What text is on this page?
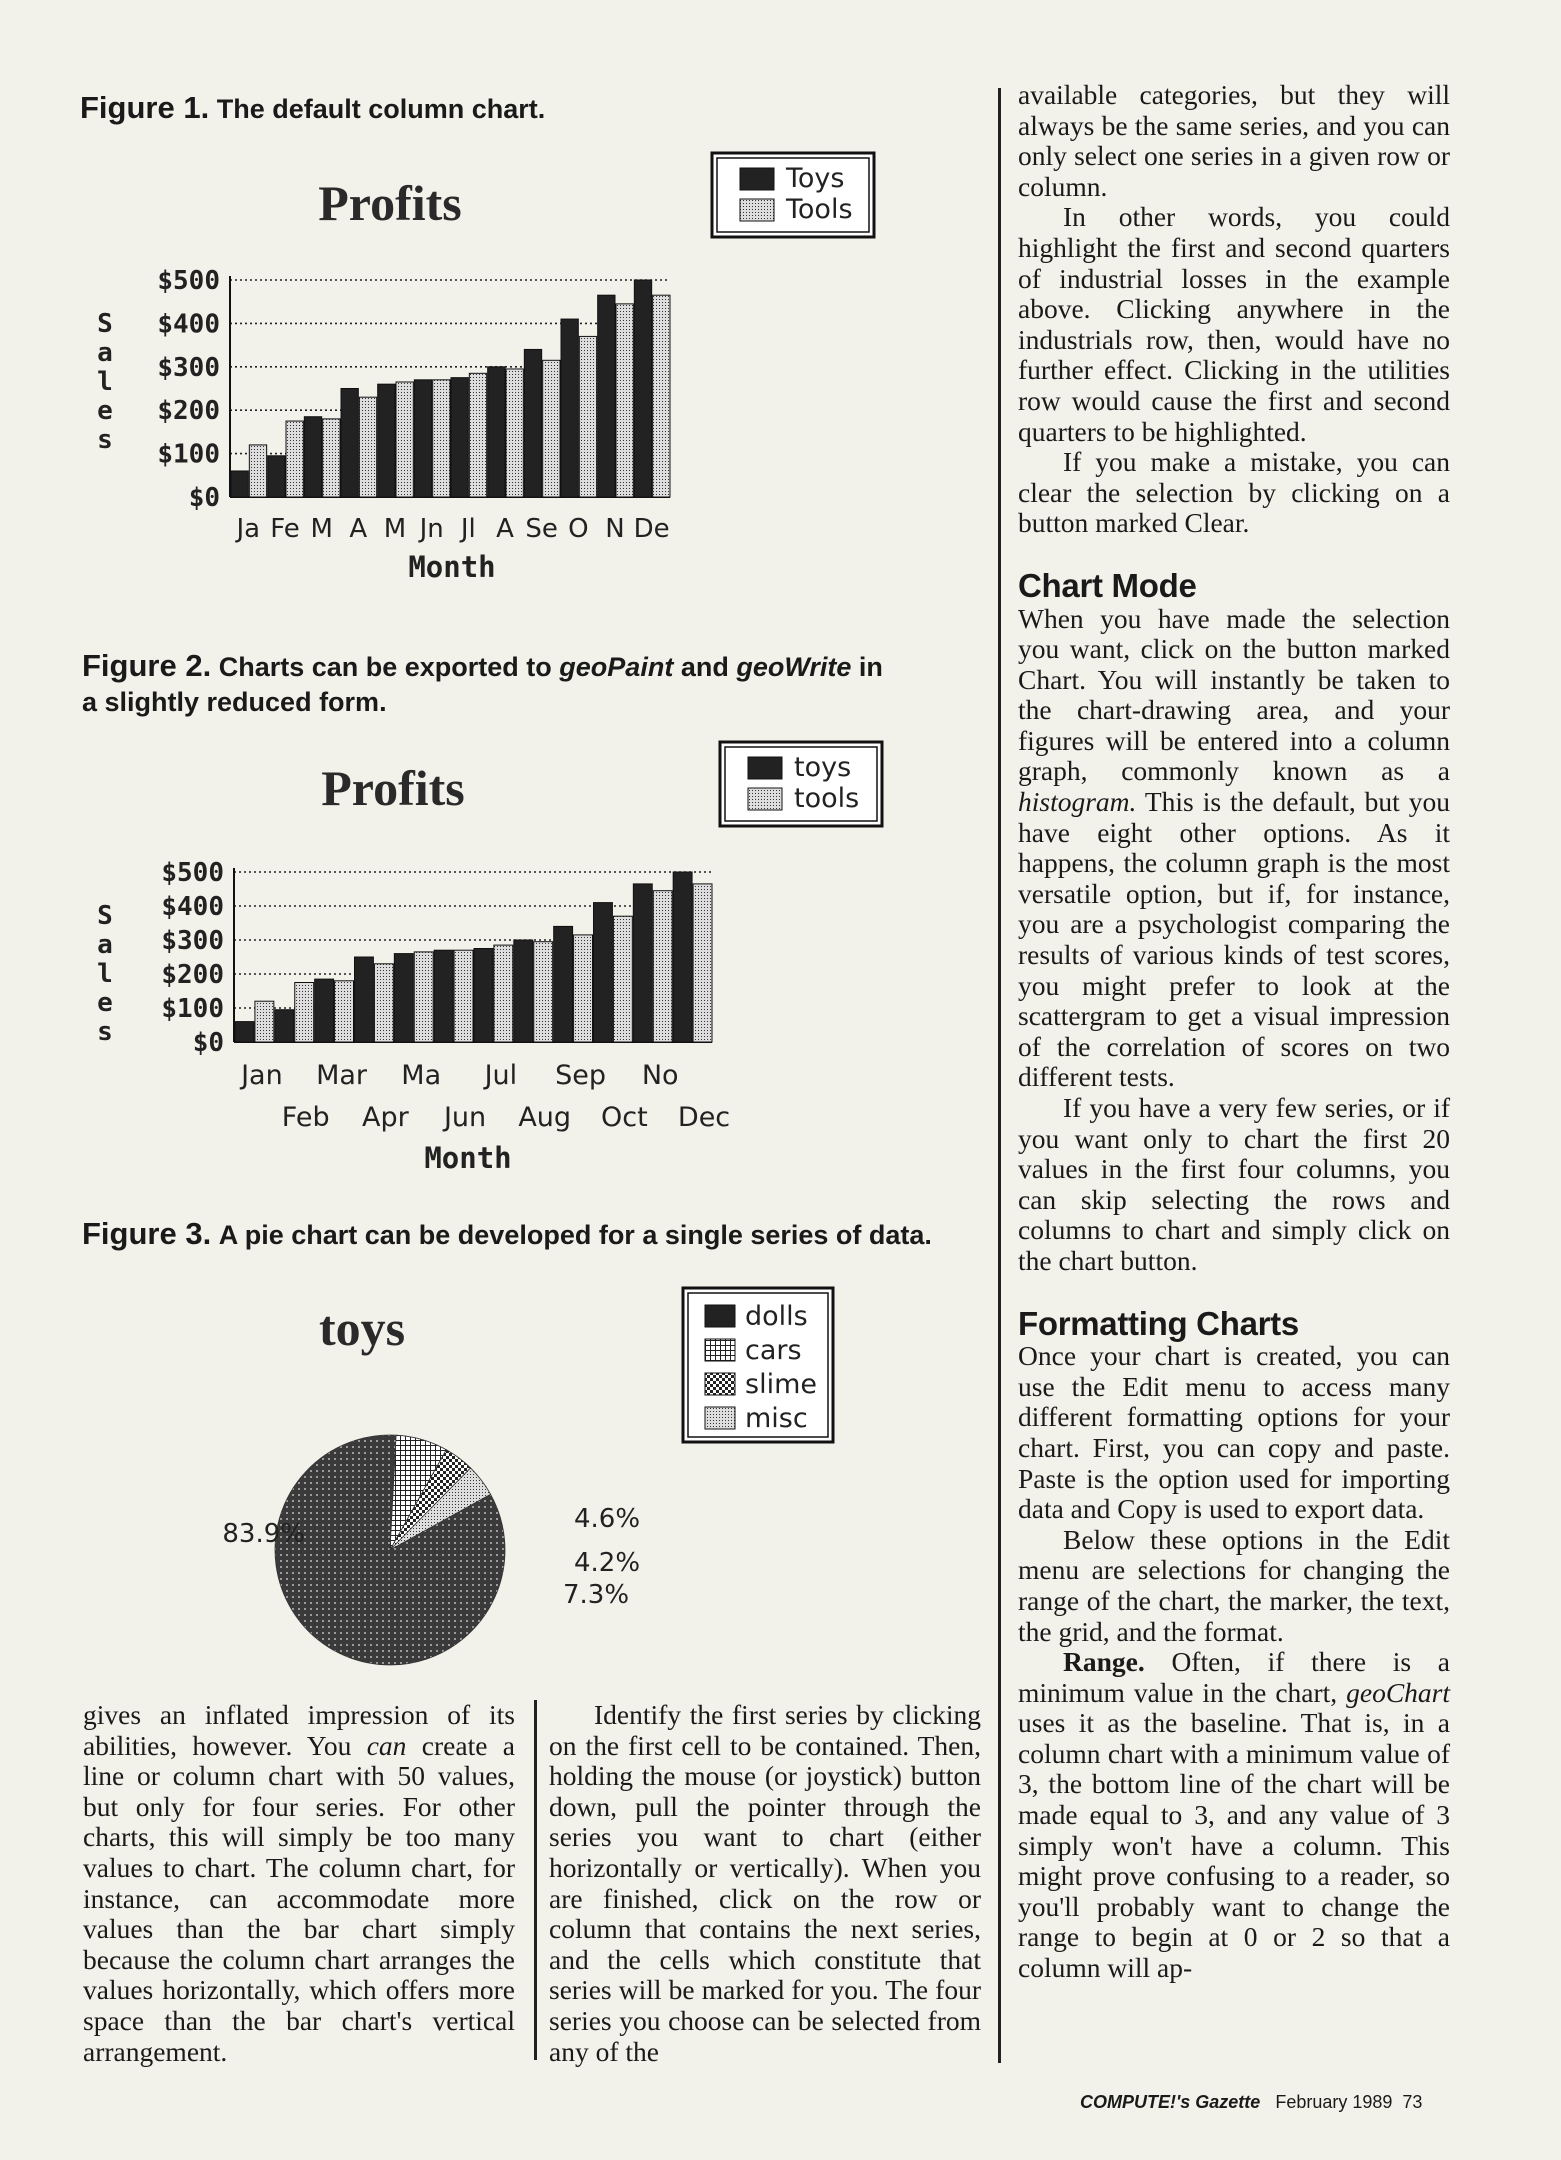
Figure 1. The default column chart.
Profits	Toys
Tools
S
a
l
e
s
$500
$400
$300
$200
$100
$0
Ja Fe M A M Jn Jl A Se O N De
Month
Figure 2. Charts can be exported to geoPaint and geoWrite in a slightly reduced form.
Profits	toys
tools
S
a
l
e
s
$500
$400
$300
$200
$100
$0
Jan Mar Ma Jul Sep No
Feb Apr Jun Aug Oct Dec
Month
Figure 3. A pie chart can be developed for a single series of data.
toys	dolls
cars
slime
misc
83.9%	4.6%
4.2%
7.3%

gives an inflated impression of its abilities, however. You can create a line or column chart with 50 values, but only for four series. For other charts, this will simply be too many values to chart. The column chart, for instance, can accommodate more values than the bar chart simply because the column chart arranges the values horizontally, which offers more space than the bar chart's vertical arrangement.

Identify the first series by clicking on the first cell to be contained. Then, holding the mouse (or joystick) button down, pull the pointer through the series you want to chart (either horizontally or vertically). When you are finished, click on the row or column that contains the next series, and the cells which constitute that series will be marked for you. The four series you choose can be selected from any of the

available categories, but they will always be the same series, and you can only select one series in a given row or column.

In other words, you could highlight the first and second quarters of industrial losses in the example above. Clicking anywhere in the industrials row, then, would have no further effect. Clicking in the utilities row would cause the first and second quarters to be highlighted.

If you make a mistake, you can clear the selection by clicking on a button marked Clear.

Chart Mode

When you have made the selection you want, click on the button marked Chart. You will instantly be taken to the chart-drawing area, and your figures will be entered into a column graph, commonly known as a histogram. This is the default, but you have eight other options. As it happens, the column graph is the most versatile option, but if, for instance, you are a psychologist comparing the results of various kinds of test scores, you might prefer to look at the scattergram to get a visual impression of the correlation of scores on two different tests.

If you have a very few series, or if you want only to chart the first 20 values in the first four columns, you can skip selecting the rows and columns to chart and simply click on the chart button.

Formatting Charts

Once your chart is created, you can use the Edit menu to access many different formatting options for your chart. First, you can copy and paste. Paste is the option used for importing data and Copy is used to export data.

Below these options in the Edit menu are selections for changing the range of the chart, the marker, the text, the grid, and the format.

Range. Often, if there is a minimum value in the chart, geoChart uses it as the baseline. That is, in a column chart with a minimum value of 3, the bottom line of the chart will be made equal to 3, and any value of 3 simply won't have a column. This might prove confusing to a reader, so you'll probably want to change the range to begin at 0 or 2 so that a column will ap-

COMPUTE!'s Gazette February 1989 73
